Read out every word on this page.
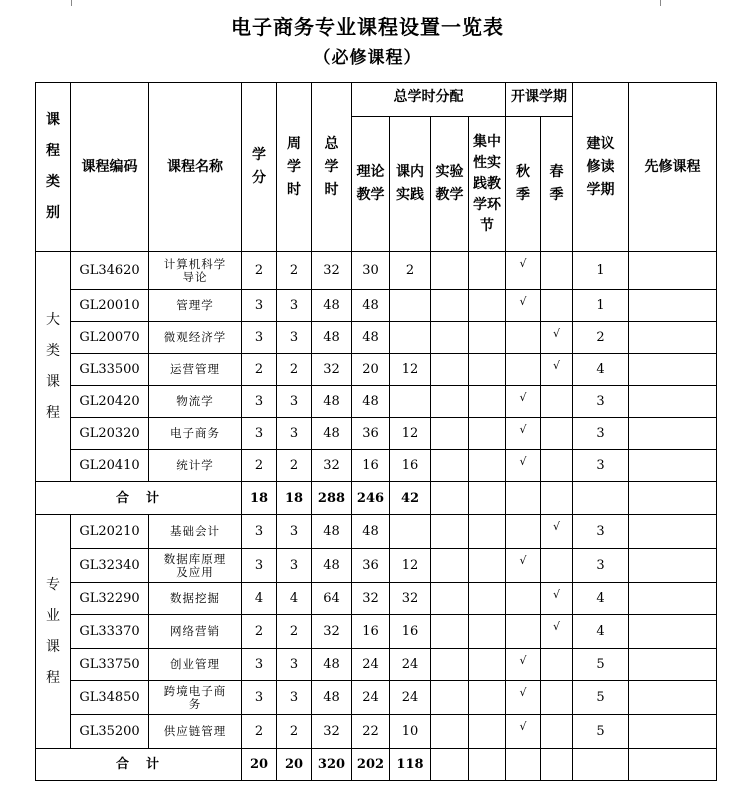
电子商务专业课程设置一览表
（必修课程）
课程类别	课程编码	课程名称	学分	周学时	总学时	总学时分配				开课学期		建议修读学期	先修课程
						理论教学	课内实践	实验教学	集中性实践教学环节	秋季	春季		
大类课程	GL34620	计算机科学导论	2	2	32	30	2			√		1	
	GL20010	管理学	3	3	48	48				√		1	
	GL20070	微观经济学	3	3	48	48					√	2	
	GL33500	运营管理	2	2	32	20	12				√	4	
	GL20420	物流学	3	3	48	48				√		3	
	GL20320	电子商务	3	3	48	36	12			√		3	
	GL20410	统计学	2	2	32	16	16			√		3	
合　计			18	18	288	246	42						
专业课程	GL20210	基础会计	3	3	48	48					√	3	
	GL32340	数据库原理及应用	3	3	48	36	12			√		3	
	GL32290	数据挖掘	4	4	64	32	32				√	4	
	GL33370	网络营销	2	2	32	16	16				√	4	
	GL33750	创业管理	3	3	48	24	24			√		5	
	GL34850	跨境电子商务	3	3	48	24	24			√		5	
	GL35200	供应链管理	2	2	32	22	10			√		5	
合　计			20	20	320	202	118						
